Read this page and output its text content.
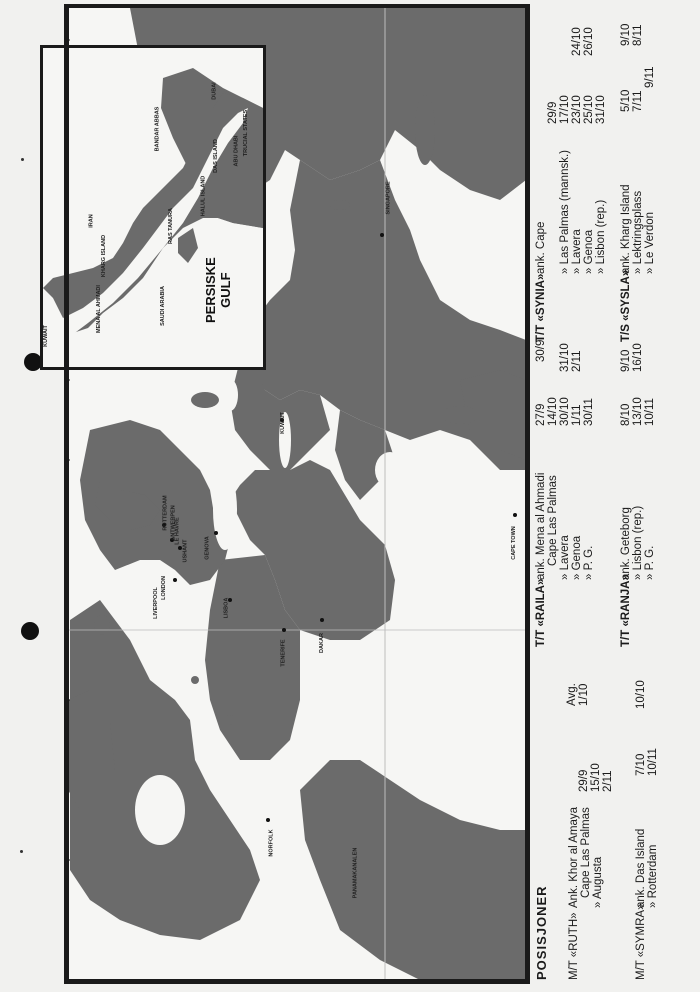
IRAN
BANDAR ABBAS
DUBAI
DAS ISLAND	ABU DHABI TRUCIAL STATES
HALUL ISLAND
RAS TANURA
SAUDI ARABIA
KHARG ISLAND
MENA AL AHMADI
KUWAIT
PERSISKE GULF
SINGAPORE
KUWAIT
CAPE TOWN
ROTTERDAM ANTWERPEN
LE HAVRE
USHANT
LIVERPOOL LONDON
GENOVA
LISBOA
TENERIFE	DAKAR
NORFOLK
PANAMAKANALEN
POSISJONER M/T «RUTH»
Ank. Khor al Amaya Cape Las Palmas » Augusta
29/9 15/10 2/11
Avg. 1/10
M/T «SYMRA»
ank. Das Island » Rotterdam
7/10 10/11
10/10
T/T «RAILA»
ank. Mena al Ahmadi Cape Las Palmas » Lavera » Genoa » P. G.
27/9 14/10 30/10 1/11 30/11
30/9 31/10 2/11
T/T «RANJA»
ank. Geteborg » Lisbon (rep.) » P. G.
8/10 13/10 10/11
9/10 16/10
T/T «SYNIA»
ank. Cape » Las Palmas (mannsk.) » Lavera » Genoa » Lisbon (rep.)
29/9 17/10 23/10 25/10 31/10
24/10 26/10
T/S «SYSLA»
ank. Kharg Island » Lektringsplass » Le Verdon
5/10 7/11
9/11
9/10 8/11
